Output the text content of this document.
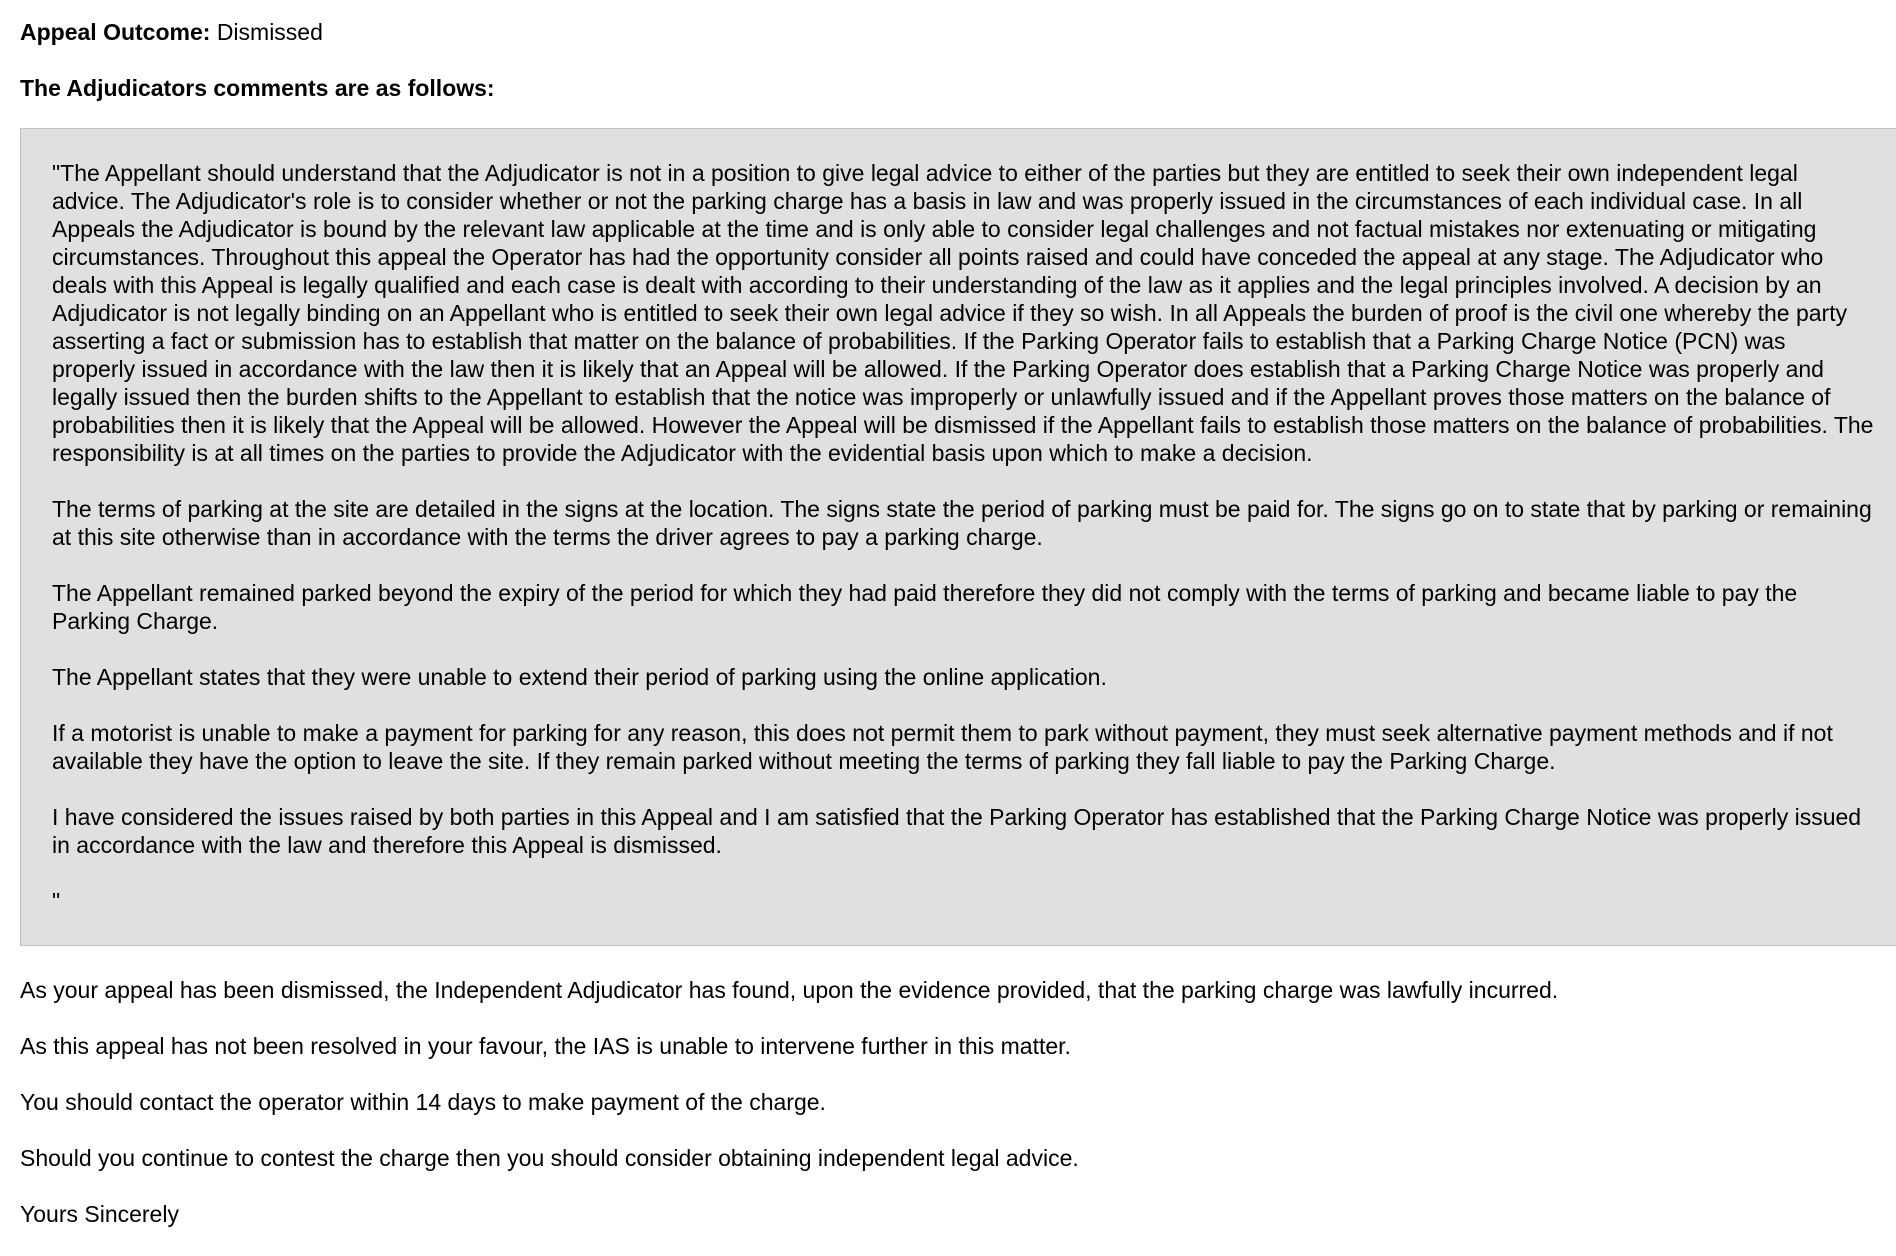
Appeal Outcome: Dismissed

The Adjudicators comments are as follows:

"The Appellant should understand that the Adjudicator is not in a position to give legal advice to either of the parties but they are entitled to seek their own independent legal advice. The Adjudicator's role is to consider whether or not the parking charge has a basis in law and was properly issued in the circumstances of each individual case. In all Appeals the Adjudicator is bound by the relevant law applicable at the time and is only able to consider legal challenges and not factual mistakes nor extenuating or mitigating circumstances. Throughout this appeal the Operator has had the opportunity consider all points raised and could have conceded the appeal at any stage. The Adjudicator who deals with this Appeal is legally qualified and each case is dealt with according to their understanding of the law as it applies and the legal principles involved. A decision by an Adjudicator is not legally binding on an Appellant who is entitled to seek their own legal advice if they so wish. In all Appeals the burden of proof is the civil one whereby the party asserting a fact or submission has to establish that matter on the balance of probabilities. If the Parking Operator fails to establish that a Parking Charge Notice (PCN) was properly issued in accordance with the law then it is likely that an Appeal will be allowed. If the Parking Operator does establish that a Parking Charge Notice was properly and legally issued then the burden shifts to the Appellant to establish that the notice was improperly or unlawfully issued and if the Appellant proves those matters on the balance of probabilities then it is likely that the Appeal will be allowed. However the Appeal will be dismissed if the Appellant fails to establish those matters on the balance of probabilities. The responsibility is at all times on the parties to provide the Adjudicator with the evidential basis upon which to make a decision.

The terms of parking at the site are detailed in the signs at the location. The signs state the period of parking must be paid for. The signs go on to state that by parking or remaining at this site otherwise than in accordance with the terms the driver agrees to pay a parking charge.

The Appellant remained parked beyond the expiry of the period for which they had paid therefore they did not comply with the terms of parking and became liable to pay the Parking Charge.

The Appellant states that they were unable to extend their period of parking using the online application.

If a motorist is unable to make a payment for parking for any reason, this does not permit them to park without payment, they must seek alternative payment methods and if not available they have the option to leave the site. If they remain parked without meeting the terms of parking they fall liable to pay the Parking Charge.

I have considered the issues raised by both parties in this Appeal and I am satisfied that the Parking Operator has established that the Parking Charge Notice was properly issued in accordance with the law and therefore this Appeal is dismissed.

"

As your appeal has been dismissed, the Independent Adjudicator has found, upon the evidence provided, that the parking charge was lawfully incurred.

As this appeal has not been resolved in your favour, the IAS is unable to intervene further in this matter.

You should contact the operator within 14 days to make payment of the charge.

Should you continue to contest the charge then you should consider obtaining independent legal advice.

Yours Sincerely
